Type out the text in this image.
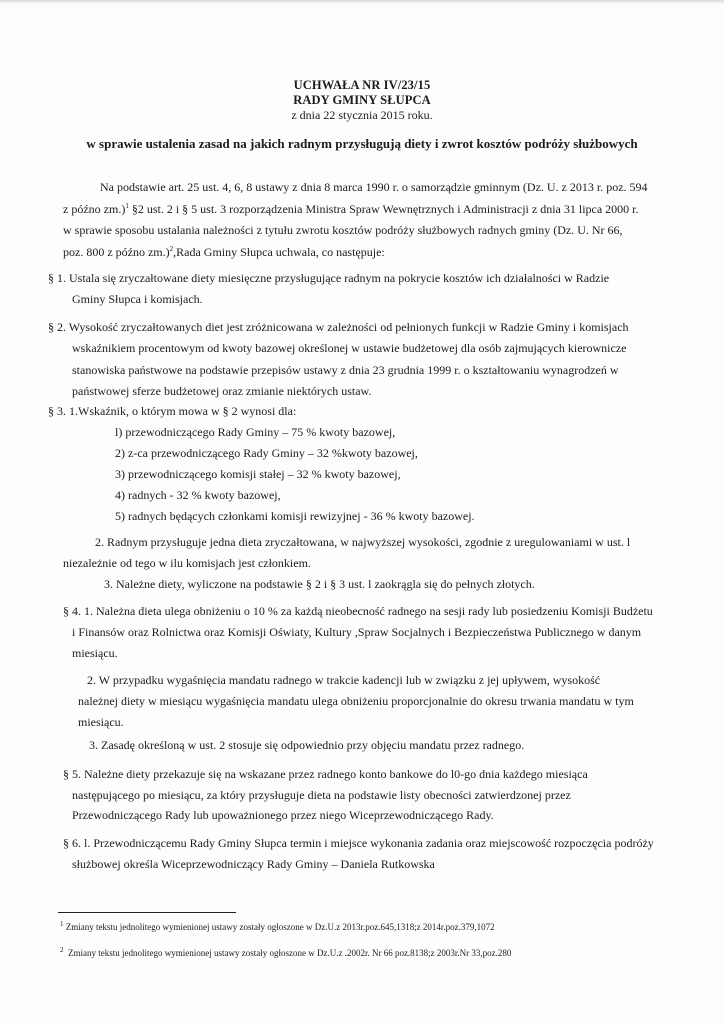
UCHWAŁA NR IV/23/15
RADY GMINY SŁUPCA
z dnia 22 stycznia 2015 roku.
w sprawie ustalenia zasad na jakich radnym przysługują diety i zwrot kosztów podróży służbowych
Na podstawie art. 25 ust. 4, 6, 8 ustawy z dnia 8 marca 1990 r. o samorządzie gminnym (Dz. U. z 2013 r. poz. 594
z późno zm.)$^1$ §2 ust. 2 i § 5 ust. 3 rozporządzenia Ministra Spraw Wewnętrznych i Administracji z dnia 31 lipca 2000 r.
w sprawie sposobu ustalania należności z tytułu zwrotu kosztów podróży służbowych radnych gminy (Dz. U. Nr 66,
poz. 800 z późno zm.)$^2$,Rada Gminy Słupca uchwala, co następuje:
§ 1. Ustala się zryczałtowane diety miesięczne przysługujące radnym na pokrycie kosztów ich działalności w Radzie
Gminy Słupca i komisjach.
§ 2. Wysokość zryczałtowanych diet jest zróżnicowana w zależności od pełnionych funkcji w Radzie Gminy i komisjach
wskaźnikiem procentowym od kwoty bazowej określonej w ustawie budżetowej dla osób zajmujących kierownicze
stanowiska państwowe na podstawie przepisów ustawy z dnia 23 grudnia 1999 r. o kształtowaniu wynagrodzeń w
państwowej sferze budżetowej oraz zmianie niektórych ustaw.
§ 3. 1.Wskaźnik, o którym mowa w § 2 wynosi dla:
l) przewodniczącego Rady Gminy – 75 % kwoty bazowej,
2) z-ca przewodniczącego Rady Gminy – 32 %kwoty bazowej,
3) przewodniczącego komisji stałej – 32 % kwoty bazowej,
4) radnych - 32 % kwoty bazowej,
5) radnych będących członkami komisji rewizyjnej - 36 % kwoty bazowej.
2. Radnym przysługuje jedna dieta zryczałtowana, w najwyższej wysokości, zgodnie z uregulowaniami w ust. l
niezależnie od tego w ilu komisjach jest członkiem.
3. Należne diety, wyliczone na podstawie § 2 i § 3 ust. l zaokrągla się do pełnych złotych.
§ 4. 1. Należna dieta ulega obniżeniu o 10 % za każdą nieobecność radnego na sesji rady lub posiedzeniu Komisji Budżetu
i Finansów oraz Rolnictwa oraz Komisji Oświaty, Kultury ,Spraw Socjalnych i Bezpieczeństwa Publicznego w danym
miesiącu.
2. W przypadku wygaśnięcia mandatu radnego w trakcie kadencji lub w związku z jej upływem, wysokość
należnej diety w miesiącu wygaśnięcia mandatu ulega obniżeniu proporcjonalnie do okresu trwania mandatu w tym
miesiącu.
3. Zasadę określoną w ust. 2 stosuje się odpowiednio przy objęciu mandatu przez radnego.
§ 5. Należne diety przekazuje się na wskazane przez radnego konto bankowe do l0-go dnia każdego miesiąca
następującego po miesiącu, za który przysługuje dieta na podstawie listy obecności zatwierdzonej przez
Przewodniczącego Rady lub upoważnionego przez niego Wiceprzewodniczącego Rady.
§ 6. l. Przewodniczącemu Rady Gminy Słupca termin i miejsce wykonania zadania oraz miejscowość rozpoczęcia podróży
służbowej określa Wiceprzewodniczący Rady Gminy – Daniela Rutkowska
$^1$ Zmiany tekstu jednolitego wymienionej ustawy zostały ogłoszone w Dz.U.z 2013r.poz.645,1318;z 2014r.poz.379,1072
$^2$ Zmiany tekstu jednolitego wymienionej ustawy zostały ogłoszone w Dz.U.z .2002r. Nr 66 poz.8138;z 2003r.Nr 33,poz.280
